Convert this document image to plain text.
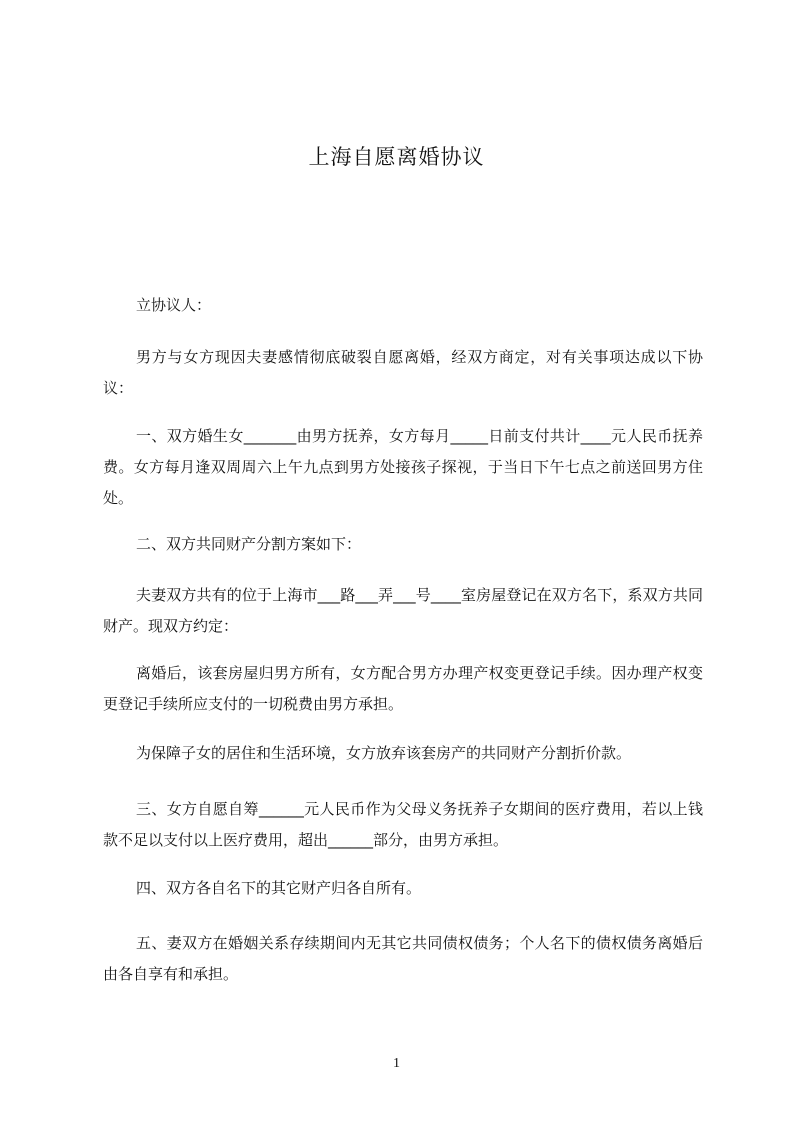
上海自愿离婚协议

立协议人：

男方与女方现因夫妻感情彻底破裂自愿离婚，经双方商定，对有关事项达成以下协议：

一、双方婚生女_______由男方抚养，女方每月_____日前支付共计____元人民币抚养费。女方每月逢双周周六上午九点到男方处接孩子探视，于当日下午七点之前送回男方住处。

二、双方共同财产分割方案如下：

夫妻双方共有的位于上海市___路___弄___号____室房屋登记在双方名下，系双方共同财产。现双方约定：

离婚后，该套房屋归男方所有，女方配合男方办理产权变更登记手续。因办理产权变更登记手续所应支付的一切税费由男方承担。

为保障子女的居住和生活环境，女方放弃该套房产的共同财产分割折价款。

三、女方自愿自筹______元人民币作为父母义务抚养子女期间的医疗费用，若以上钱款不足以支付以上医疗费用，超出______部分，由男方承担。

四、双方各自名下的其它财产归各自所有。

五、妻双方在婚姻关系存续期间内无其它共同债权债务；个人名下的债权债务离婚后由各自享有和承担。

1
